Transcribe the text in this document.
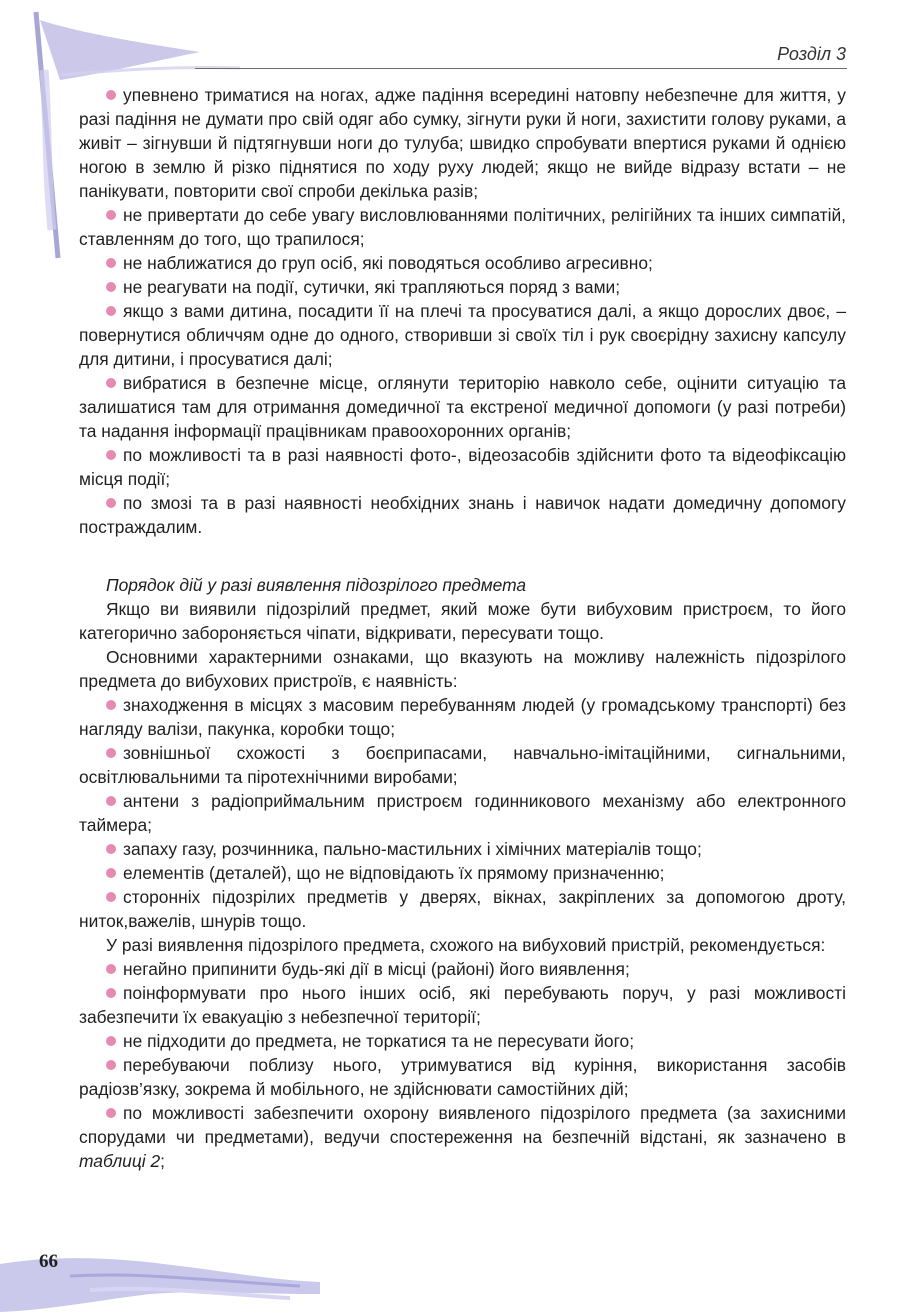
Розділ 3

упевнено триматися на ногах, адже падіння всередині натовпу небезпечне для життя, у разі падіння не думати про свій одяг або сумку, зігнути руки й ноги, захистити голову руками, а живіт – зігнувши й підтягнувши ноги до тулуба; швидко спробувати впертися руками й однією ногою в землю й різко піднятися по ходу руху людей; якщо не вийде відразу встати – не панікувати, повторити свої спроби декілька разів;

не привертати до себе увагу висловлюваннями політичних, релігійних та інших симпатій, ставленням до того, що трапилося;

не наближатися до груп осіб, які поводяться особливо агресивно;

не реагувати на події, сутички, які трапляються поряд з вами;

якщо з вами дитина, посадити її на плечі та просуватися далі, а якщо дорослих двоє, – повернутися обличчям одне до одного, створивши зі своїх тіл і рук своєрідну захисну капсулу для дитини, і просуватися далі;

вибратися в безпечне місце, оглянути територію навколо себе, оцінити ситуацію та залишатися там для отримання домедичної та екстреної медичної допомоги (у разі потреби) та надання інформації працівникам правоохоронних органів;

по можливості та в разі наявності фото-, відеозасобів здійснити фото та відеофіксацію місця події;

по змозі та в разі наявності необхідних знань і навичок надати домедичну допомогу постраждалим.

Порядок дій у разі виявлення підозрілого предмета

Якщо ви виявили підозрілий предмет, який може бути вибуховим пристроєм, то його категорично забороняється чіпати, відкривати, пересувати тощо.

Основними характерними ознаками, що вказують на можливу належність підозрілого предмета до вибухових пристроїв, є наявність:

знаходження в місцях з масовим перебуванням людей (у громадському транспорті) без нагляду валізи, пакунка, коробки тощо;

зовнішньої схожості з боєприпасами, навчально-імітаційними, сигнальними, освітлювальними та піротехнічними виробами;

антени з радіоприймальним пристроєм годинникового механізму або електронного таймера;

запаху газу, розчинника, пально-мастильних і хімічних матеріалів тощо;

елементів (деталей), що не відповідають їх прямому призначенню;

сторонніх підозрілих предметів у дверях, вікнах, закріплених за допомогою дроту, ниток,важелів, шнурів тощо.

У разі виявлення підозрілого предмета, схожого на вибуховий пристрій, рекомендується:

негайно припинити будь-які дії в місці (районі) його виявлення;

поінформувати про нього інших осіб, які перебувають поруч, у разі можливості забезпечити їх евакуацію з небезпечної території;

не підходити до предмета, не торкатися та не пересувати його;

перебуваючи поблизу нього, утримуватися від куріння, використання засобів радіозв’язку, зокрема й мобільного, не здійснювати самостійних дій;

по можливості забезпечити охорону виявленого підозрілого предмета (за захисними спорудами чи предметами), ведучи спостереження на безпечній відстані, як зазначено в таблиці 2;

66
